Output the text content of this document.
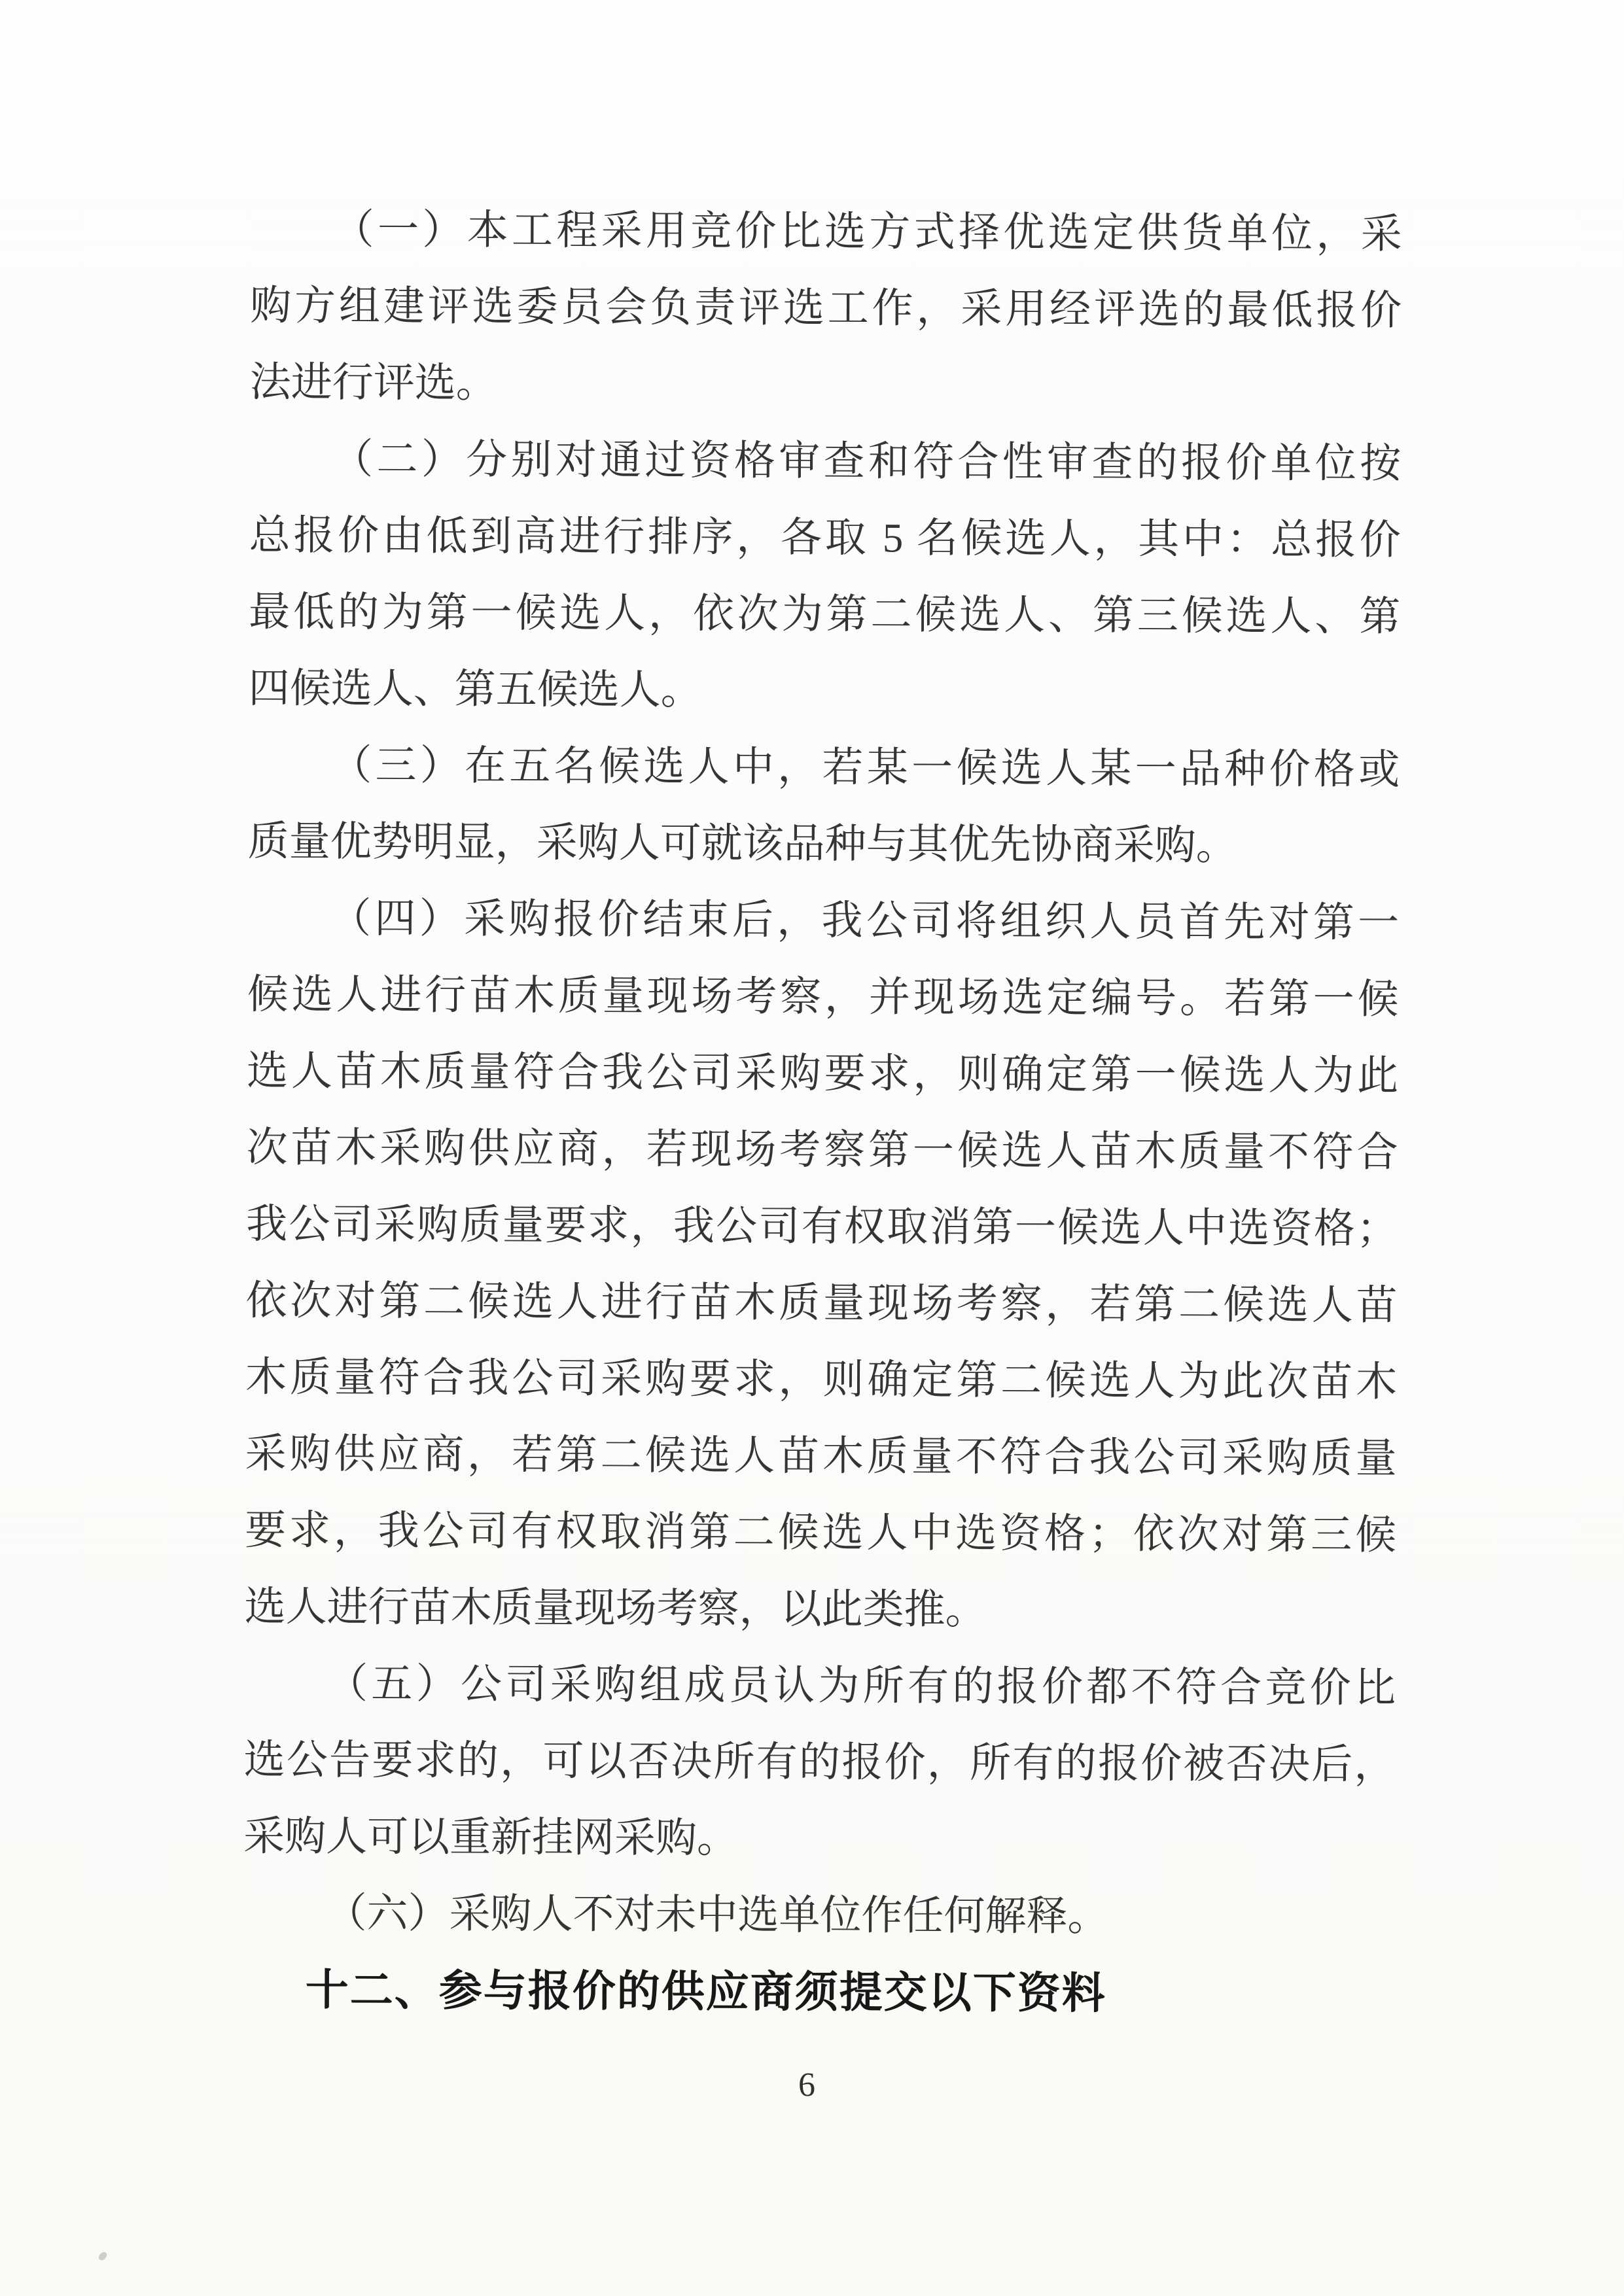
（一）本工程采用竞价比选方式择优选定供货单位，采
购方组建评选委员会负责评选工作，采用经评选的最低报价
法进行评选。
（二）分别对通过资格审查和符合性审查的报价单位按
总报价由低到高进行排序，各取 5 名候选人，其中：总报价
最低的为第一候选人，依次为第二候选人、第三候选人、第
四候选人、第五候选人。
（三）在五名候选人中，若某一候选人某一品种价格或
质量优势明显，采购人可就该品种与其优先协商采购。
（四）采购报价结束后，我公司将组织人员首先对第一
候选人进行苗木质量现场考察，并现场选定编号。若第一候
选人苗木质量符合我公司采购要求，则确定第一候选人为此
次苗木采购供应商，若现场考察第一候选人苗木质量不符合
我公司采购质量要求，我公司有权取消第一候选人中选资格；
依次对第二候选人进行苗木质量现场考察，若第二候选人苗
木质量符合我公司采购要求，则确定第二候选人为此次苗木
采购供应商，若第二候选人苗木质量不符合我公司采购质量
要求，我公司有权取消第二候选人中选资格；依次对第三候
选人进行苗木质量现场考察，以此类推。
（五）公司采购组成员认为所有的报价都不符合竞价比
选公告要求的，可以否决所有的报价，所有的报价被否决后，
采购人可以重新挂网采购。
（六）采购人不对未中选单位作任何解释。
十二、参与报价的供应商须提交以下资料
6
